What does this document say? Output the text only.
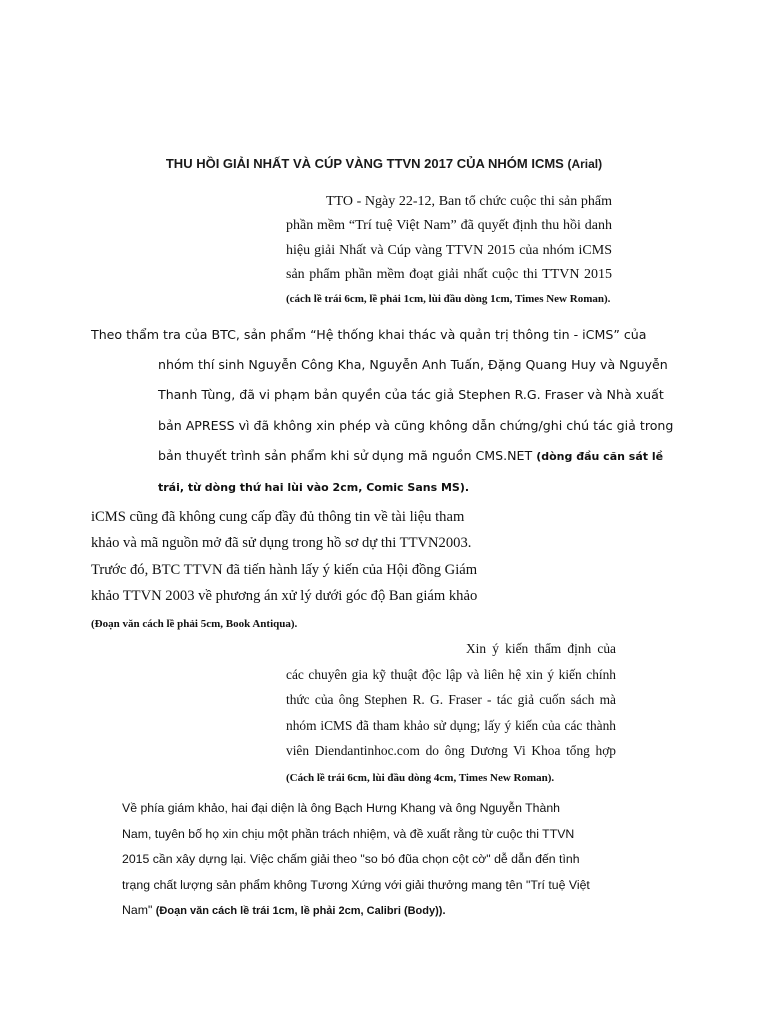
THU HỒI GIẢI NHẤT VÀ CÚP VÀNG TTVN 2017 CỦA NHÓM ICMS (Arial)

TTO - Ngày 22-12, Ban tổ chức cuộc thi sản phẩm phần mềm “Trí tuệ Việt Nam” đã quyết định thu hồi danh hiệu giải Nhất và Cúp vàng TTVN 2015 của nhóm iCMS sản phẩm phần mềm đoạt giải nhất cuộc thi TTVN 2015 (cách lề trái 6cm, lề phải 1cm, lùi đầu dòng 1cm, Times New Roman).

Theo thẩm tra của BTC, sản phẩm “Hệ thống khai thác và quản trị thông tin - iCMS” của nhóm thí sinh Nguyễn Công Kha, Nguyễn Anh Tuấn, Đặng Quang Huy và Nguyễn Thanh Tùng, đã vi phạm bản quyền của tác giả Stephen R.G. Fraser và Nhà xuất bản APRESS vì đã không xin phép và cũng không dẫn chứng/ghi chú tác giả trong bản thuyết trình sản phẩm khi sử dụng mã nguồn CMS.NET (dòng đầu căn sát lề trái, từ dòng thứ hai lùi vào 2cm, Comic Sans MS).

iCMS cũng đã không cung cấp đầy đủ thông tin về tài liệu tham khảo và mã nguồn mở đã sử dụng trong hồ sơ dự thi TTVN2003. Trước đó, BTC TTVN đã tiến hành lấy ý kiến của Hội đồng Giám khảo TTVN 2003 về phương án xử lý dưới góc độ Ban giám khảo (Đoạn văn cách lề phải 5cm, Book Antiqua).

Xin ý kiến thẩm định của các chuyên gia kỹ thuật độc lập và liên hệ xin ý kiến chính thức của ông Stephen R. G. Fraser - tác giả cuốn sách mà nhóm iCMS đã tham khảo sử dụng; lấy ý kiến của các thành viên Diendantinhoc.com do ông Dương Vi Khoa tổng hợp (Cách lề trái 6cm, lùi đầu dòng 4cm, Times New Roman).

Về phía giám khảo, hai đại diện là ông Bạch Hưng Khang và ông Nguyễn Thành Nam, tuyên bố họ xin chịu một phần trách nhiệm, và đề xuất rằng từ cuộc thi TTVN 2015 cần xây dựng lại. Việc chấm giải theo "so bó đũa chọn cột cờ" dễ dẫn đến tình trạng chất lượng sản phẩm không Tương Xứng với giải thưởng mang tên "Trí tuệ Việt Nam" (Đoạn văn cách lề trái 1cm, lề phải 2cm, Calibri (Body)).
